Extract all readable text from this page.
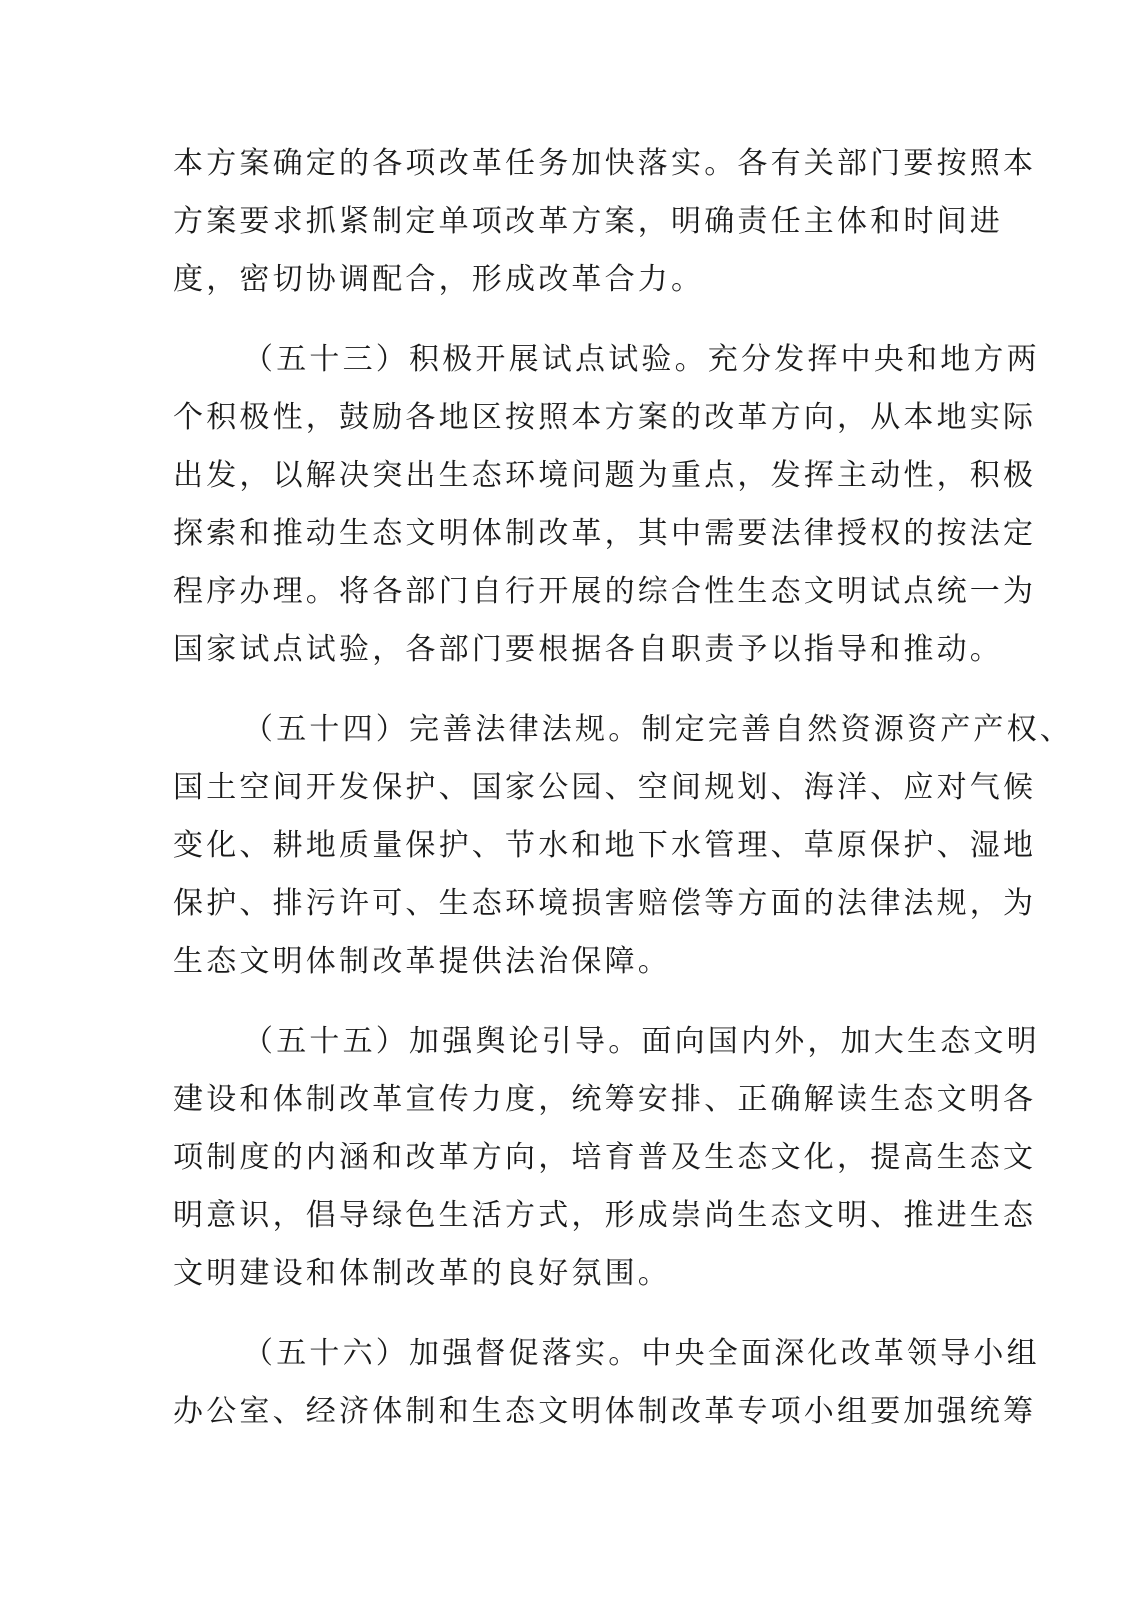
本方案确定的各项改革任务加快落实。各有关部门要按照本
方案要求抓紧制定单项改革方案，明确责任主体和时间进
度，密切协调配合，形成改革合力。
（五十三）积极开展试点试验。充分发挥中央和地方两
个积极性，鼓励各地区按照本方案的改革方向，从本地实际
出发，以解决突出生态环境问题为重点，发挥主动性，积极
探索和推动生态文明体制改革，其中需要法律授权的按法定
程序办理。将各部门自行开展的综合性生态文明试点统一为
国家试点试验，各部门要根据各自职责予以指导和推动。
（五十四）完善法律法规。制定完善自然资源资产产权、
国土空间开发保护、国家公园、空间规划、海洋、应对气候
变化、耕地质量保护、节水和地下水管理、草原保护、湿地
保护、排污许可、生态环境损害赔偿等方面的法律法规，为
生态文明体制改革提供法治保障。
（五十五）加强舆论引导。面向国内外，加大生态文明
建设和体制改革宣传力度，统筹安排、正确解读生态文明各
项制度的内涵和改革方向，培育普及生态文化，提高生态文
明意识，倡导绿色生活方式，形成崇尚生态文明、推进生态
文明建设和体制改革的良好氛围。
（五十六）加强督促落实。中央全面深化改革领导小组
办公室、经济体制和生态文明体制改革专项小组要加强统筹
